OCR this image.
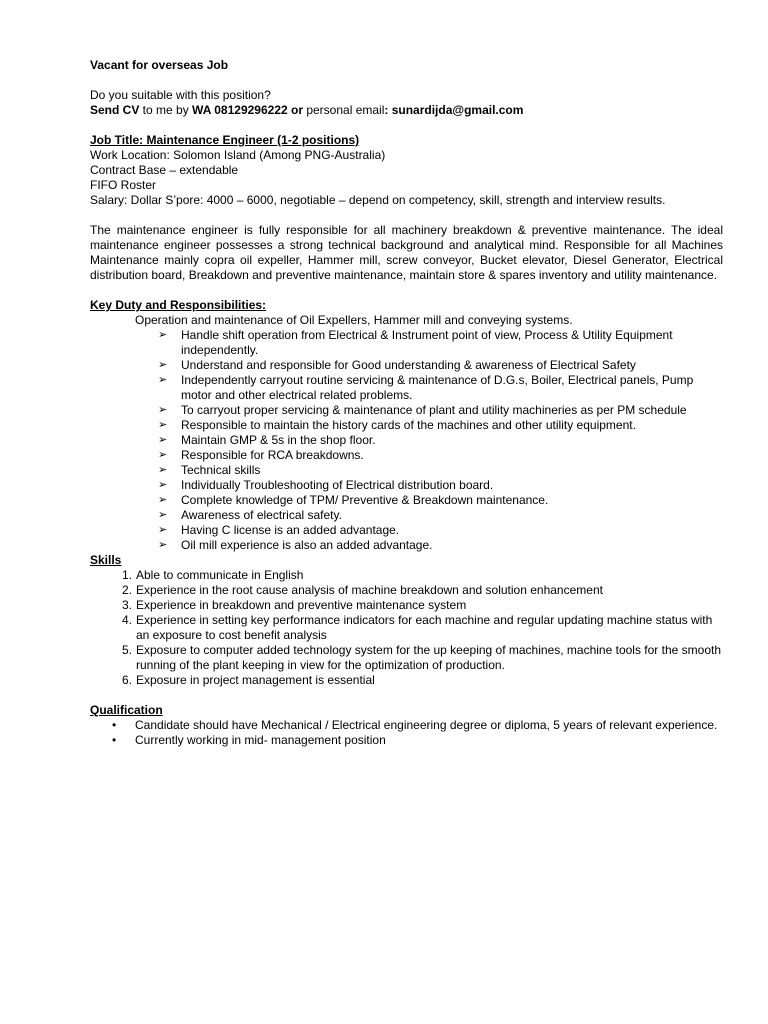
Vacant for overseas Job

Do you suitable with this position?

Send CV to me by WA 08129296222 or personal email: sunardijda@gmail.com

Job Title: Maintenance Engineer (1-2 positions)

Work Location: Solomon Island (Among PNG-Australia)

Contract Base – extendable

FIFO Roster

Salary: Dollar S’pore: 4000 – 6000, negotiable – depend on competency, skill, strength and interview results.

The maintenance engineer is fully responsible for all machinery breakdown & preventive maintenance. The ideal maintenance engineer possesses a strong technical background and analytical mind. Responsible for all Machines Maintenance mainly copra oil expeller, Hammer mill, screw conveyor, Bucket elevator, Diesel Generator, Electrical distribution board, Breakdown and preventive maintenance, maintain store & spares inventory and utility maintenance.

Key Duty and Responsibilities:

Operation and maintenance of Oil Expellers, Hammer mill and conveying systems.

➢ Handle shift operation from Electrical & Instrument point of view, Process & Utility Equipment independently.
➢ Understand and responsible for Good understanding & awareness of Electrical Safety
➢ Independently carryout routine servicing & maintenance of D.G.s, Boiler, Electrical panels, Pump motor and other electrical related problems.
➢ To carryout proper servicing & maintenance of plant and utility machineries as per PM schedule
➢ Responsible to maintain the history cards of the machines and other utility equipment.
➢ Maintain GMP & 5s in the shop floor.
➢ Responsible for RCA breakdowns.
➢ Technical skills
➢ Individually Troubleshooting of Electrical distribution board.
➢ Complete knowledge of TPM/ Preventive & Breakdown maintenance.
➢ Awareness of electrical safety.
➢ Having C license is an added advantage.
➢ Oil mill experience is also an added advantage.

Skills

1. Able to communicate in English
2. Experience in the root cause analysis of machine breakdown and solution enhancement
3. Experience in breakdown and preventive maintenance system
4. Experience in setting key performance indicators for each machine and regular updating machine status with an exposure to cost benefit analysis
5. Exposure to computer added technology system for the up keeping of machines, machine tools for the smooth running of the plant keeping in view for the optimization of production.
6. Exposure in project management is essential

Qualification

• Candidate should have Mechanical / Electrical engineering degree or diploma, 5 years of relevant experience.
• Currently working in mid- management position
